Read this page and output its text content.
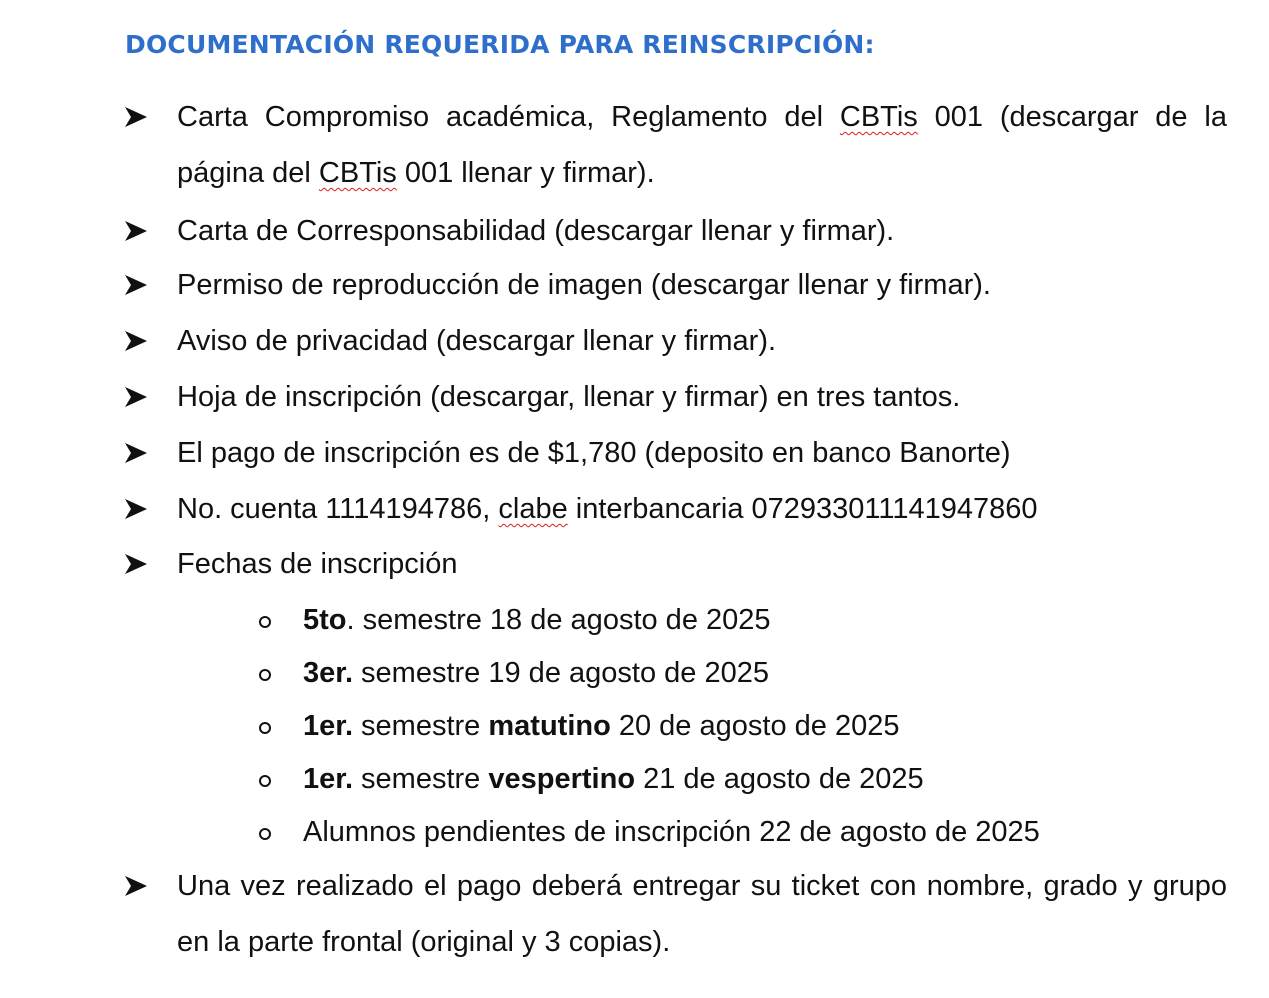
DOCUMENTACIÓN REQUERIDA PARA REINSCRIPCIÓN:
Carta Compromiso académica, Reglamento del CBTis 001 (descargar de la página del CBTis 001 llenar y firmar).
Carta de Corresponsabilidad (descargar llenar y firmar).
Permiso de reproducción de imagen (descargar llenar y firmar).
Aviso de privacidad (descargar llenar y firmar).
Hoja de inscripción (descargar, llenar y firmar) en tres tantos.
El pago de inscripción es de $1,780 (deposito en banco Banorte)
No. cuenta 1114194786, clabe interbancaria 072933011141947860
Fechas de inscripción
5to. semestre 18 de agosto de 2025
3er. semestre 19 de agosto de 2025
1er. semestre matutino 20 de agosto de 2025
1er. semestre vespertino 21 de agosto de 2025
Alumnos pendientes de inscripción 22 de agosto de 2025
Una vez realizado el pago deberá entregar su ticket con nombre, grado y grupo en la parte frontal (original y 3 copias).
